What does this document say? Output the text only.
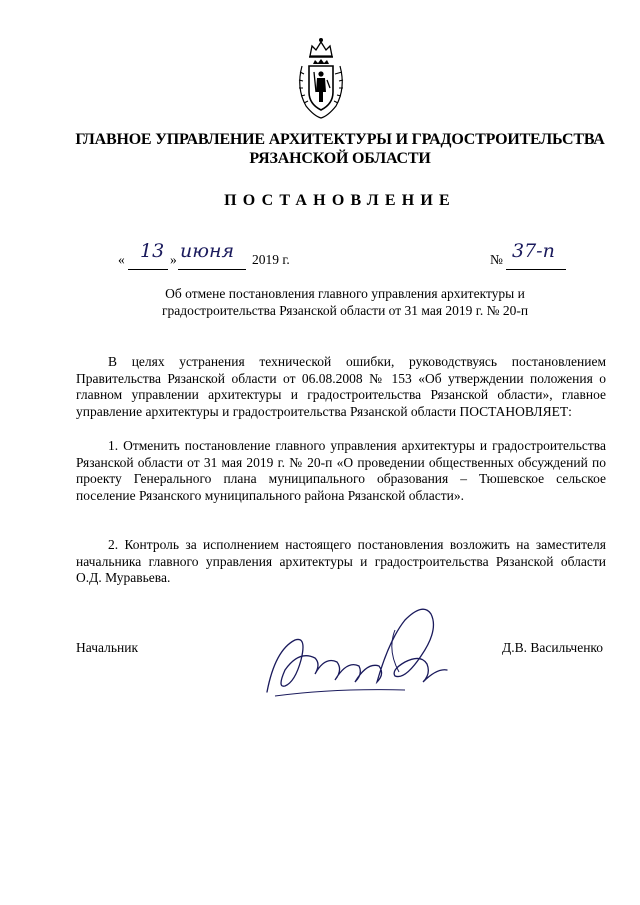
ГЛАВНОЕ УПРАВЛЕНИЕ АРХИТЕКТУРЫ И ГРАДОСТРОИТЕЛЬСТВА
РЯЗАНСКОЙ ОБЛАСТИ
ПОСТАНОВЛЕНИЕ
« 13 » июня 2019 г.	№ 37-п
Об отмене постановления главного управления архитектуры и
градостроительства Рязанской области от 31 мая 2019 г. № 20-п
В целях устранения технической ошибки, руководствуясь постановлением Правительства Рязанской области от 06.08.2008 № 153 «Об утверждении положения о главном управлении архитектуры и градостроительства Рязанской области», главное управление архитектуры и градостроительства Рязанской области ПОСТАНОВЛЯЕТ:
1. Отменить постановление главного управления архитектуры и градостроительства Рязанской области от 31 мая 2019 г. № 20-п «О проведении общественных обсуждений по проекту Генерального плана муниципального образования – Тюшевское сельское поселение Рязанского муниципального района Рязанской области».
2. Контроль за исполнением настоящего постановления возложить на заместителя начальника главного управления архитектуры и градостроительства Рязанской области О.Д. Муравьева.
Начальник	Д.В. Васильченко
